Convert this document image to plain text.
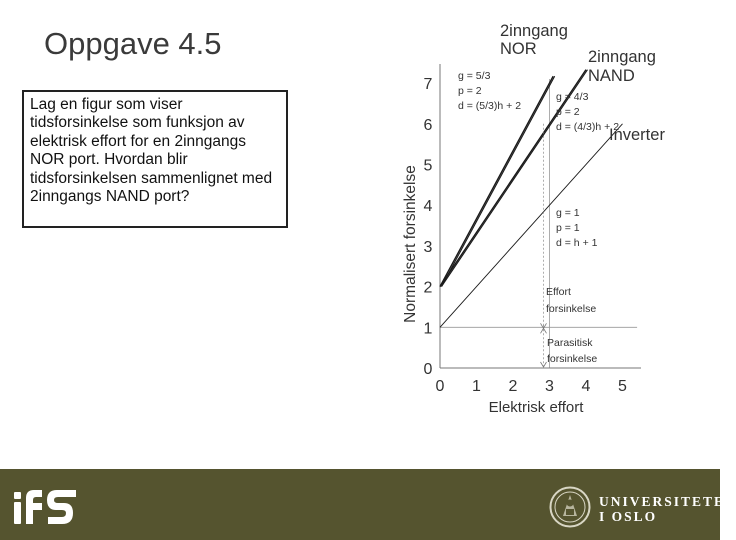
Oppgave 4.5
Lag en figur som viser tidsforsinkelse som funksjon av elektrisk effort for en 2inngangs NOR port. Hvordan blir tidsforsinkelsen sammenlignet med 2inngangs NAND port?
0 1 2 3 4 5
0
1
2
3
4
5
6
7
2inngang
NOR	2inngang
NAND
Inverter
g = 5/3
p = 2
d = (5/3)h + 2
g = 4/3
p = 2
d = (4/3)h + 2
g = 1
p = 1
d = h + 1
Effort
forsinkelse
Parasitisk
forsinkelse
Elektrisk effort
Normalisert forsinkelse
UNIVERSITETET
I OSLO
